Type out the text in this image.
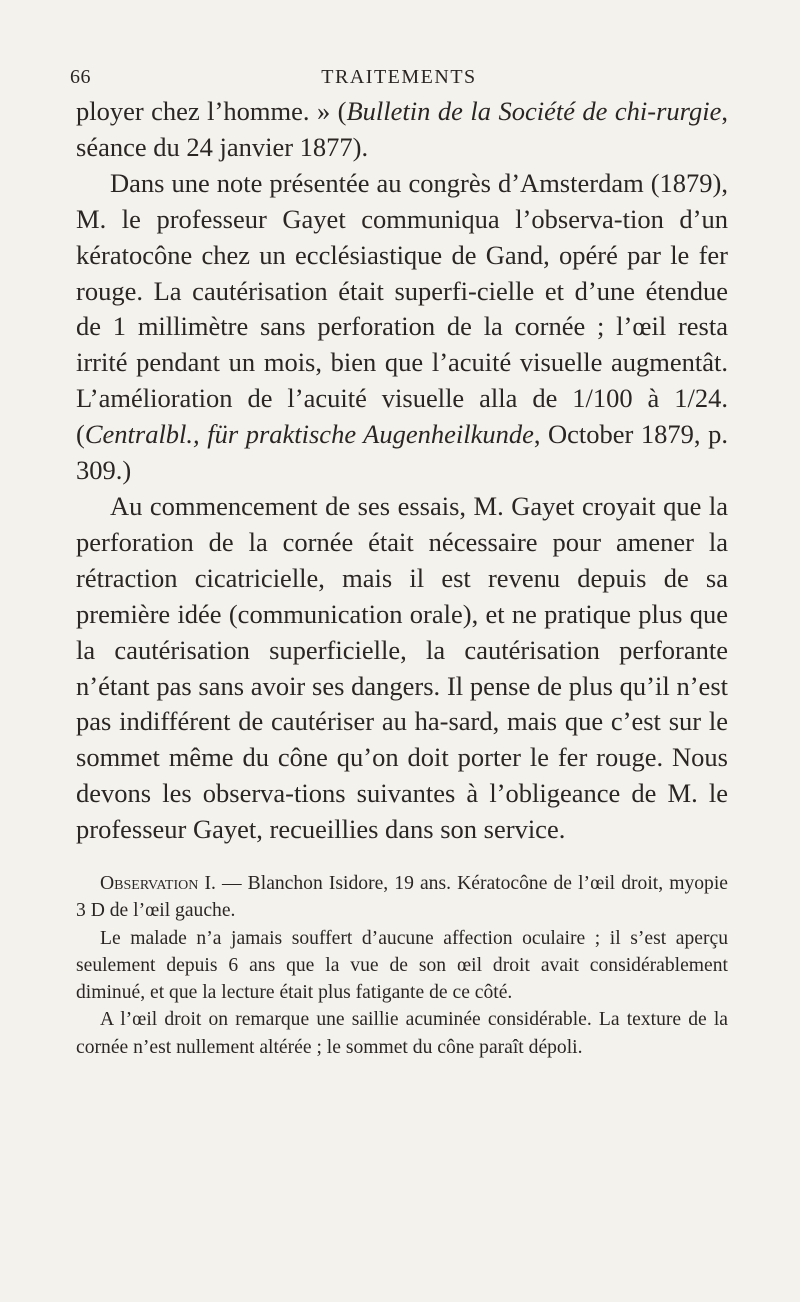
66	TRAITEMENTS

ployer chez l’homme. » (Bulletin de la Société de chi-rurgie, séance du 24 janvier 1877).

Dans une note présentée au congrès d’Amsterdam (1879), M. le professeur Gayet communiqua l’observa-tion d’un kératocône chez un ecclésiastique de Gand, opéré par le fer rouge. La cautérisation était superfi-cielle et d’une étendue de 1 millimètre sans perforation de la cornée ; l’œil resta irrité pendant un mois, bien que l’acuité visuelle augmentât. L’amélioration de l’acuité visuelle alla de 1/100 à 1/24. (Centralbl., für praktische Augenheilkunde, October 1879, p. 309.)

Au commencement de ses essais, M. Gayet croyait que la perforation de la cornée était nécessaire pour amener la rétraction cicatricielle, mais il est revenu depuis de sa première idée (communication orale), et ne pratique plus que la cautérisation superficielle, la cautérisation perforante n’étant pas sans avoir ses dangers. Il pense de plus qu’il n’est pas indifférent de cautériser au ha-sard, mais que c’est sur le sommet même du cône qu’on doit porter le fer rouge. Nous devons les observa-tions suivantes à l’obligeance de M. le professeur Gayet, recueillies dans son service.

Observation I. — Blanchon Isidore, 19 ans. Kératocône de l’œil droit, myopie 3 D de l’œil gauche.

Le malade n’a jamais souffert d’aucune affection oculaire ; il s’est aperçu seulement depuis 6 ans que la vue de son œil droit avait considérablement diminué, et que la lecture était plus fatigante de ce côté.

A l’œil droit on remarque une saillie acuminée considérable. La texture de la cornée n’est nullement altérée ; le sommet du cône paraît dépoli.
